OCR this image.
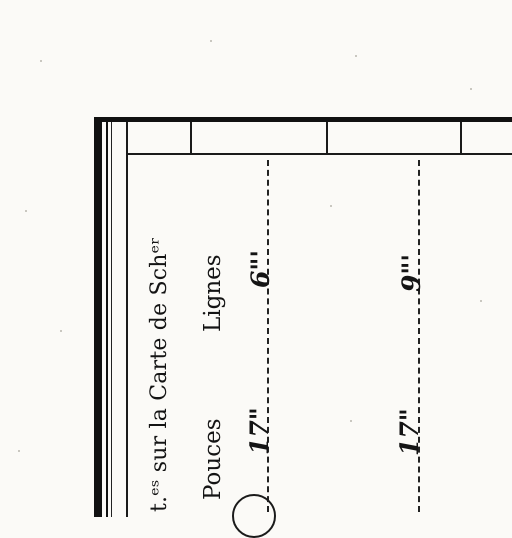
t.ᵉˢ sur la Carte de Schᵉʳ Pouces
Lignes
17"
6"'
17"
9"'
